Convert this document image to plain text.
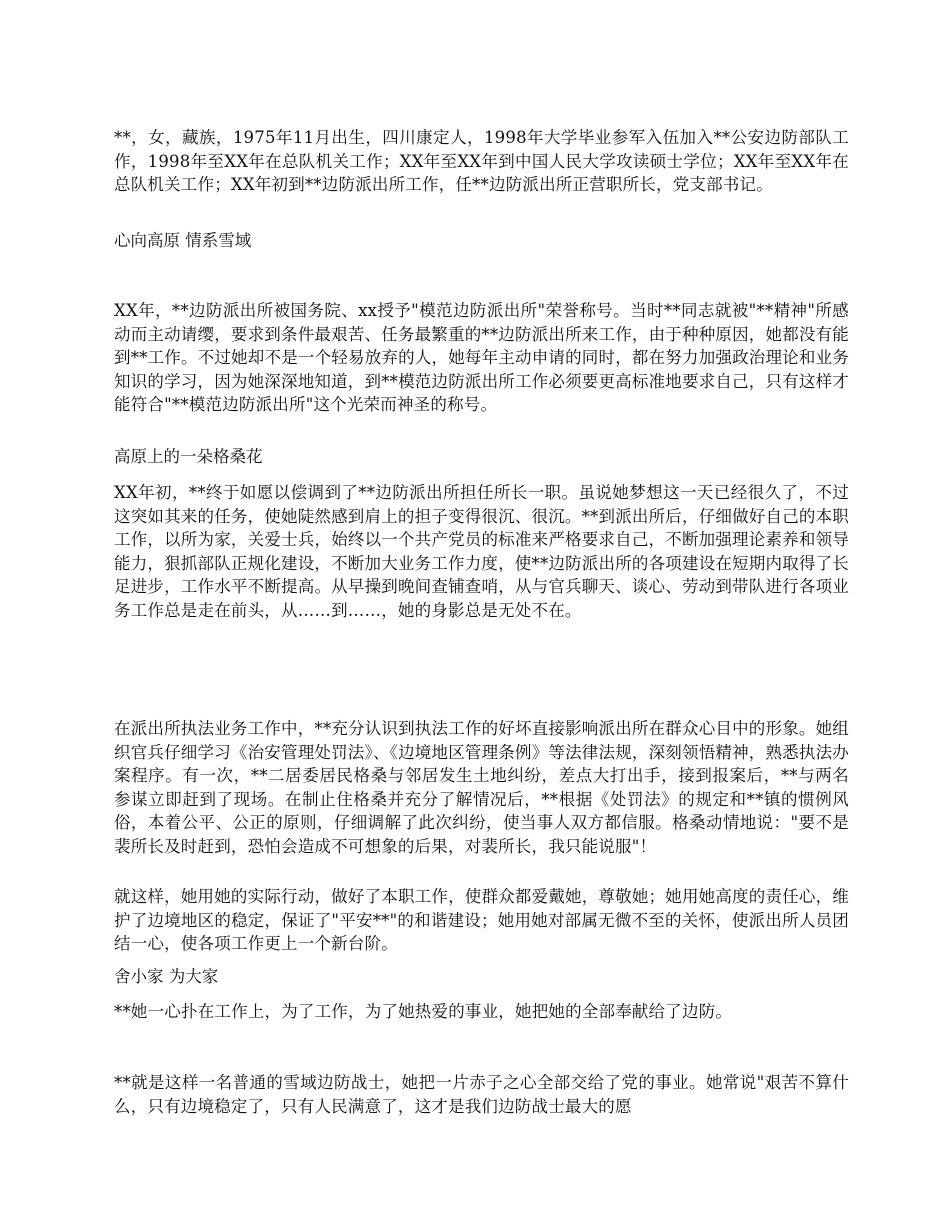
**，女，藏族，1975年11月出生，四川康定人，1998年大学毕业参军入伍加入**公安边防部队工作，1998年至XX年在总队机关工作；XX年至XX年到中国人民大学攻读硕士学位；XX年至XX年在总队机关工作；XX年初到**边防派出所工作，任**边防派出所正营职所长，党支部书记。

心向高原 情系雪域

XX年，**边防派出所被国务院、xx授予"模范边防派出所"荣誉称号。当时**同志就被"**精神"所感动而主动请缨，要求到条件最艰苦、任务最繁重的**边防派出所来工作，由于种种原因，她都没有能到**工作。不过她却不是一个轻易放弃的人，她每年主动申请的同时，都在努力加强政治理论和业务知识的学习，因为她深深地知道，到**模范边防派出所工作必须要更高标准地要求自己，只有这样才能符合"**模范边防派出所"这个光荣而神圣的称号。

高原上的一朵格桑花

XX年初，**终于如愿以偿调到了**边防派出所担任所长一职。虽说她梦想这一天已经很久了，不过这突如其来的任务，使她陡然感到肩上的担子变得很沉、很沉。**到派出所后，仔细做好自己的本职工作，以所为家，关爱士兵，始终以一个共产党员的标准来严格要求自己，不断加强理论素养和领导能力，狠抓部队正规化建设，不断加大业务工作力度，使**边防派出所的各项建设在短期内取得了长足进步，工作水平不断提高。从早操到晚间查铺查哨，从与官兵聊天、谈心、劳动到带队进行各项业务工作总是走在前头，从……到……，她的身影总是无处不在。

在派出所执法业务工作中，**充分认识到执法工作的好坏直接影响派出所在群众心目中的形象。她组织官兵仔细学习《治安管理处罚法》、《边境地区管理条例》等法律法规，深刻领悟精神，熟悉执法办案程序。有一次，**二居委居民格桑与邻居发生土地纠纷，差点大打出手，接到报案后，**与两名参谋立即赶到了现场。在制止住格桑并充分了解情况后，**根据《处罚法》的规定和**镇的惯例风俗，本着公平、公正的原则，仔细调解了此次纠纷，使当事人双方都信服。格桑动情地说："要不是裴所长及时赶到，恐怕会造成不可想象的后果，对裴所长，我只能说服"！

就这样，她用她的实际行动，做好了本职工作，使群众都爱戴她，尊敬她；她用她高度的责任心，维护了边境地区的稳定，保证了"平安**"的和谐建设；她用她对部属无微不至的关怀，使派出所人员团结一心，使各项工作更上一个新台阶。

舍小家 为大家

**她一心扑在工作上，为了工作，为了她热爱的事业，她把她的全部奉献给了边防。

**就是这样一名普通的雪域边防战士，她把一片赤子之心全部交给了党的事业。她常说"艰苦不算什么，只有边境稳定了，只有人民满意了，这才是我们边防战士最大的愿
